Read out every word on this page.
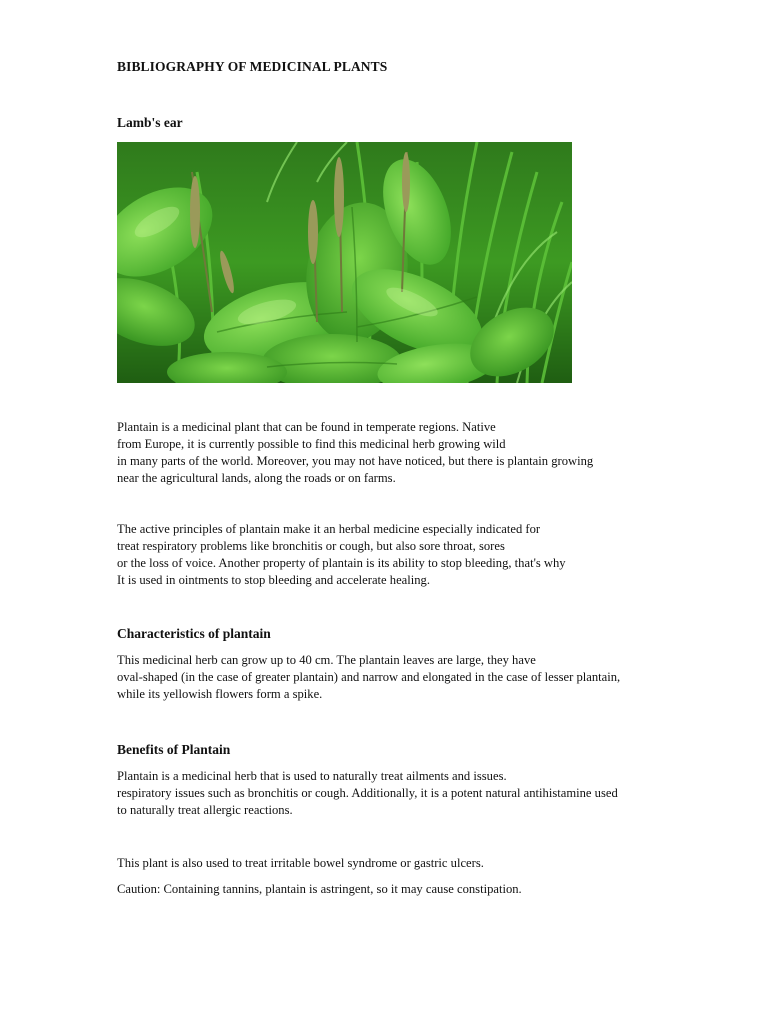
BIBLIOGRAPHY OF MEDICINAL PLANTS
Lamb's ear
Plantain is a medicinal plant that can be found in temperate regions. Native
from Europe, it is currently possible to find this medicinal herb growing wild
in many parts of the world. Moreover, you may not have noticed, but there is plantain growing
near the agricultural lands, along the roads or on farms.
The active principles of plantain make it an herbal medicine especially indicated for
treat respiratory problems like bronchitis or cough, but also sore throat, sores
or the loss of voice. Another property of plantain is its ability to stop bleeding, that's why
It is used in ointments to stop bleeding and accelerate healing.
Characteristics of plantain
This medicinal herb can grow up to 40 cm. The plantain leaves are large, they have
oval-shaped (in the case of greater plantain) and narrow and elongated in the case of lesser plantain,
while its yellowish flowers form a spike.
Benefits of Plantain
Plantain is a medicinal herb that is used to naturally treat ailments and issues.
respiratory issues such as bronchitis or cough. Additionally, it is a potent natural antihistamine used
to naturally treat allergic reactions.

This plant is also used to treat irritable bowel syndrome or gastric ulcers.

Caution: Containing tannins, plantain is astringent, so it may cause constipation.
